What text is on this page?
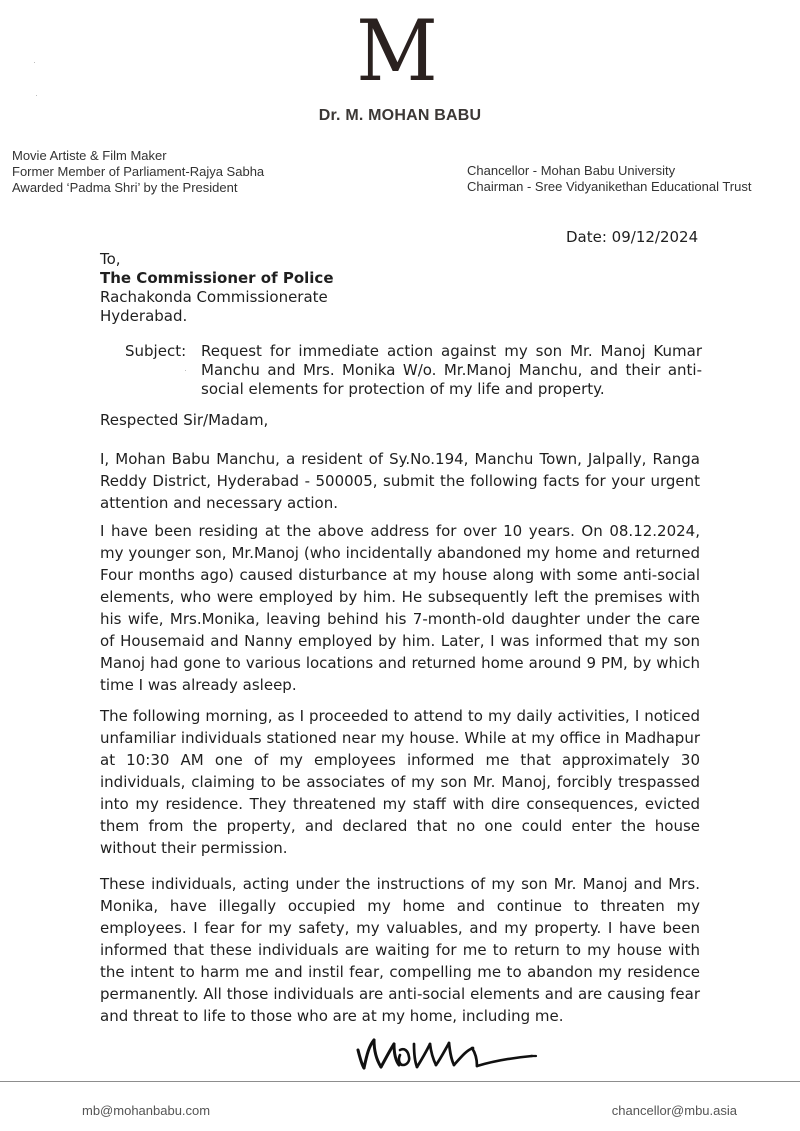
M
Dr. M. MOHAN BABU
Movie Artiste & Film Maker
Former Member of Parliament-Rajya Sabha
Awarded ‘Padma Shri’ by the President
Chancellor - Mohan Babu University
Chairman - Sree Vidyanikethan Educational Trust
Date: 09/12/2024
To,
The Commissioner of Police
Rachakonda Commissionerate
Hyderabad.
Subject: Request for immediate action against my son Mr. Manoj Kumar Manchu and Mrs. Monika W/o. Mr.Manoj Manchu, and their anti-social elements for protection of my life and property.
Respected Sir/Madam,
I, Mohan Babu Manchu, a resident of Sy.No.194, Manchu Town, Jalpally, Ranga Reddy District, Hyderabad - 500005, submit the following facts for your urgent attention and necessary action.
I have been residing at the above address for over 10 years. On 08.12.2024, my younger son, Mr.Manoj (who incidentally abandoned my home and returned Four months ago) caused disturbance at my house along with some anti-social elements, who were employed by him. He subsequently left the premises with his wife, Mrs.Monika, leaving behind his 7-month-old daughter under the care of Housemaid and Nanny employed by him. Later, I was informed that my son Manoj had gone to various locations and returned home around 9 PM, by which time I was already asleep.
The following morning, as I proceeded to attend to my daily activities, I noticed unfamiliar individuals stationed near my house. While at my office in Madhapur at 10:30 AM one of my employees informed me that approximately 30 individuals, claiming to be associates of my son Mr. Manoj, forcibly trespassed into my residence. They threatened my staff with dire consequences, evicted them from the property, and declared that no one could enter the house without their permission.
These individuals, acting under the instructions of my son Mr. Manoj and Mrs. Monika, have illegally occupied my home and continue to threaten my employees. I fear for my safety, my valuables, and my property. I have been informed that these individuals are waiting for me to return to my house with the intent to harm me and instil fear, compelling me to abandon my residence permanently. All those individuals are anti-social elements and are causing fear and threat to life to those who are at my home, including me.
mb@mohanbabu.com	chancellor@mbu.asia
